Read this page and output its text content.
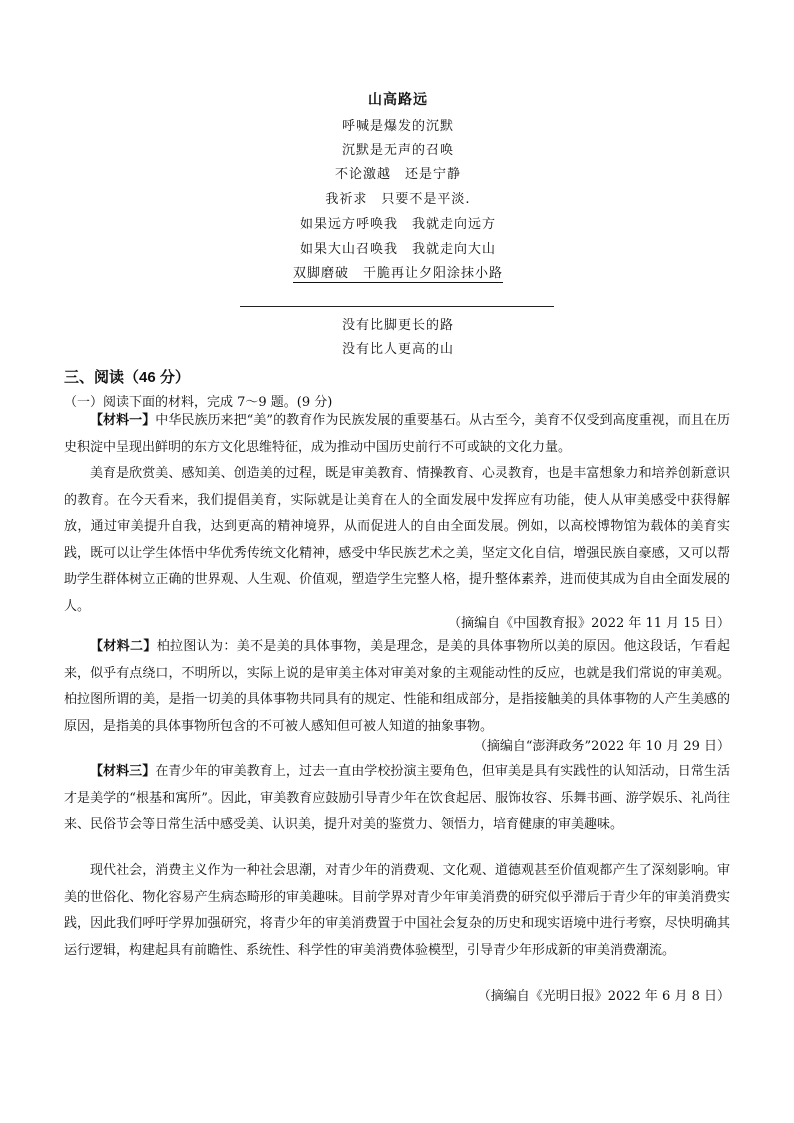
山高路远
呼喊是爆发的沉默
沉默是无声的召唤
不论激越　还是宁静
我祈求　只要不是平淡.
如果远方呼唤我　我就走向远方
如果大山召唤我　我就走向大山
双脚磨破　干脆再让夕阳涂抹小路
没有比脚更长的路
没有比人更高的山
三、阅读（46 分）
（一）阅读下面的材料，完成 7～9 题。(9 分)

【材料一】中华民族历来把“美”的教育作为民族发展的重要基石。从古至今，美育不仅受到高度重视，而且在历史积淀中呈现出鲜明的东方文化思维特征，成为推动中国历史前行不可或缺的文化力量。

美育是欣赏美、感知美、创造美的过程，既是审美教育、情操教育、心灵教育，也是丰富想象力和培养创新意识的教育。在今天看来，我们提倡美育，实际就是让美育在人的全面发展中发挥应有功能，使人从审美感受中获得解放，通过审美提升自我，达到更高的精神境界，从而促进人的自由全面发展。例如，以高校博物馆为载体的美育实践，既可以让学生体悟中华优秀传统文化精神，感受中华民族艺术之美，坚定文化自信，增强民族自豪感，又可以帮助学生群体树立正确的世界观、人生观、价值观，塑造学生完整人格，提升整体素养，进而使其成为自由全面发展的人。

（摘编自《中国教育报》2022 年 11 月 15 日）

【材料二】柏拉图认为：美不是美的具体事物，美是理念，是美的具体事物所以美的原因。他这段话，乍看起来，似乎有点绕口，不明所以，实际上说的是审美主体对审美对象的主观能动性的反应，也就是我们常说的审美观。柏拉图所谓的美，是指一切美的具体事物共同具有的规定、性能和组成部分，是指接触美的具体事物的人产生美感的原因，是指美的具体事物所包含的不可被人感知但可被人知道的抽象事物。

（摘编自“澎湃政务”2022 年 10 月 29 日）

【材料三】在青少年的审美教育上，过去一直由学校扮演主要角色，但审美是具有实践性的认知活动，日常生活才是美学的“根基和寓所”。因此，审美教育应鼓励引导青少年在饮食起居、服饰妆容、乐舞书画、游学娱乐、礼尚往来、民俗节会等日常生活中感受美、认识美，提升对美的鉴赏力、领悟力，培育健康的审美趣味。

现代社会，消费主义作为一种社会思潮，对青少年的消费观、文化观、道德观甚至价值观都产生了深刻影响。审美的世俗化、物化容易产生病态畸形的审美趣味。目前学界对青少年审美消费的研究似乎滞后于青少年的审美消费实践，因此我们呼吁学界加强研究，将青少年的审美消费置于中国社会复杂的历史和现实语境中进行考察，尽快明确其运行逻辑，构建起具有前瞻性、系统性、科学性的审美消费体验模型，引导青少年形成新的审美消费潮流。

（摘编自《光明日报》2022 年 6 月 8 日）
